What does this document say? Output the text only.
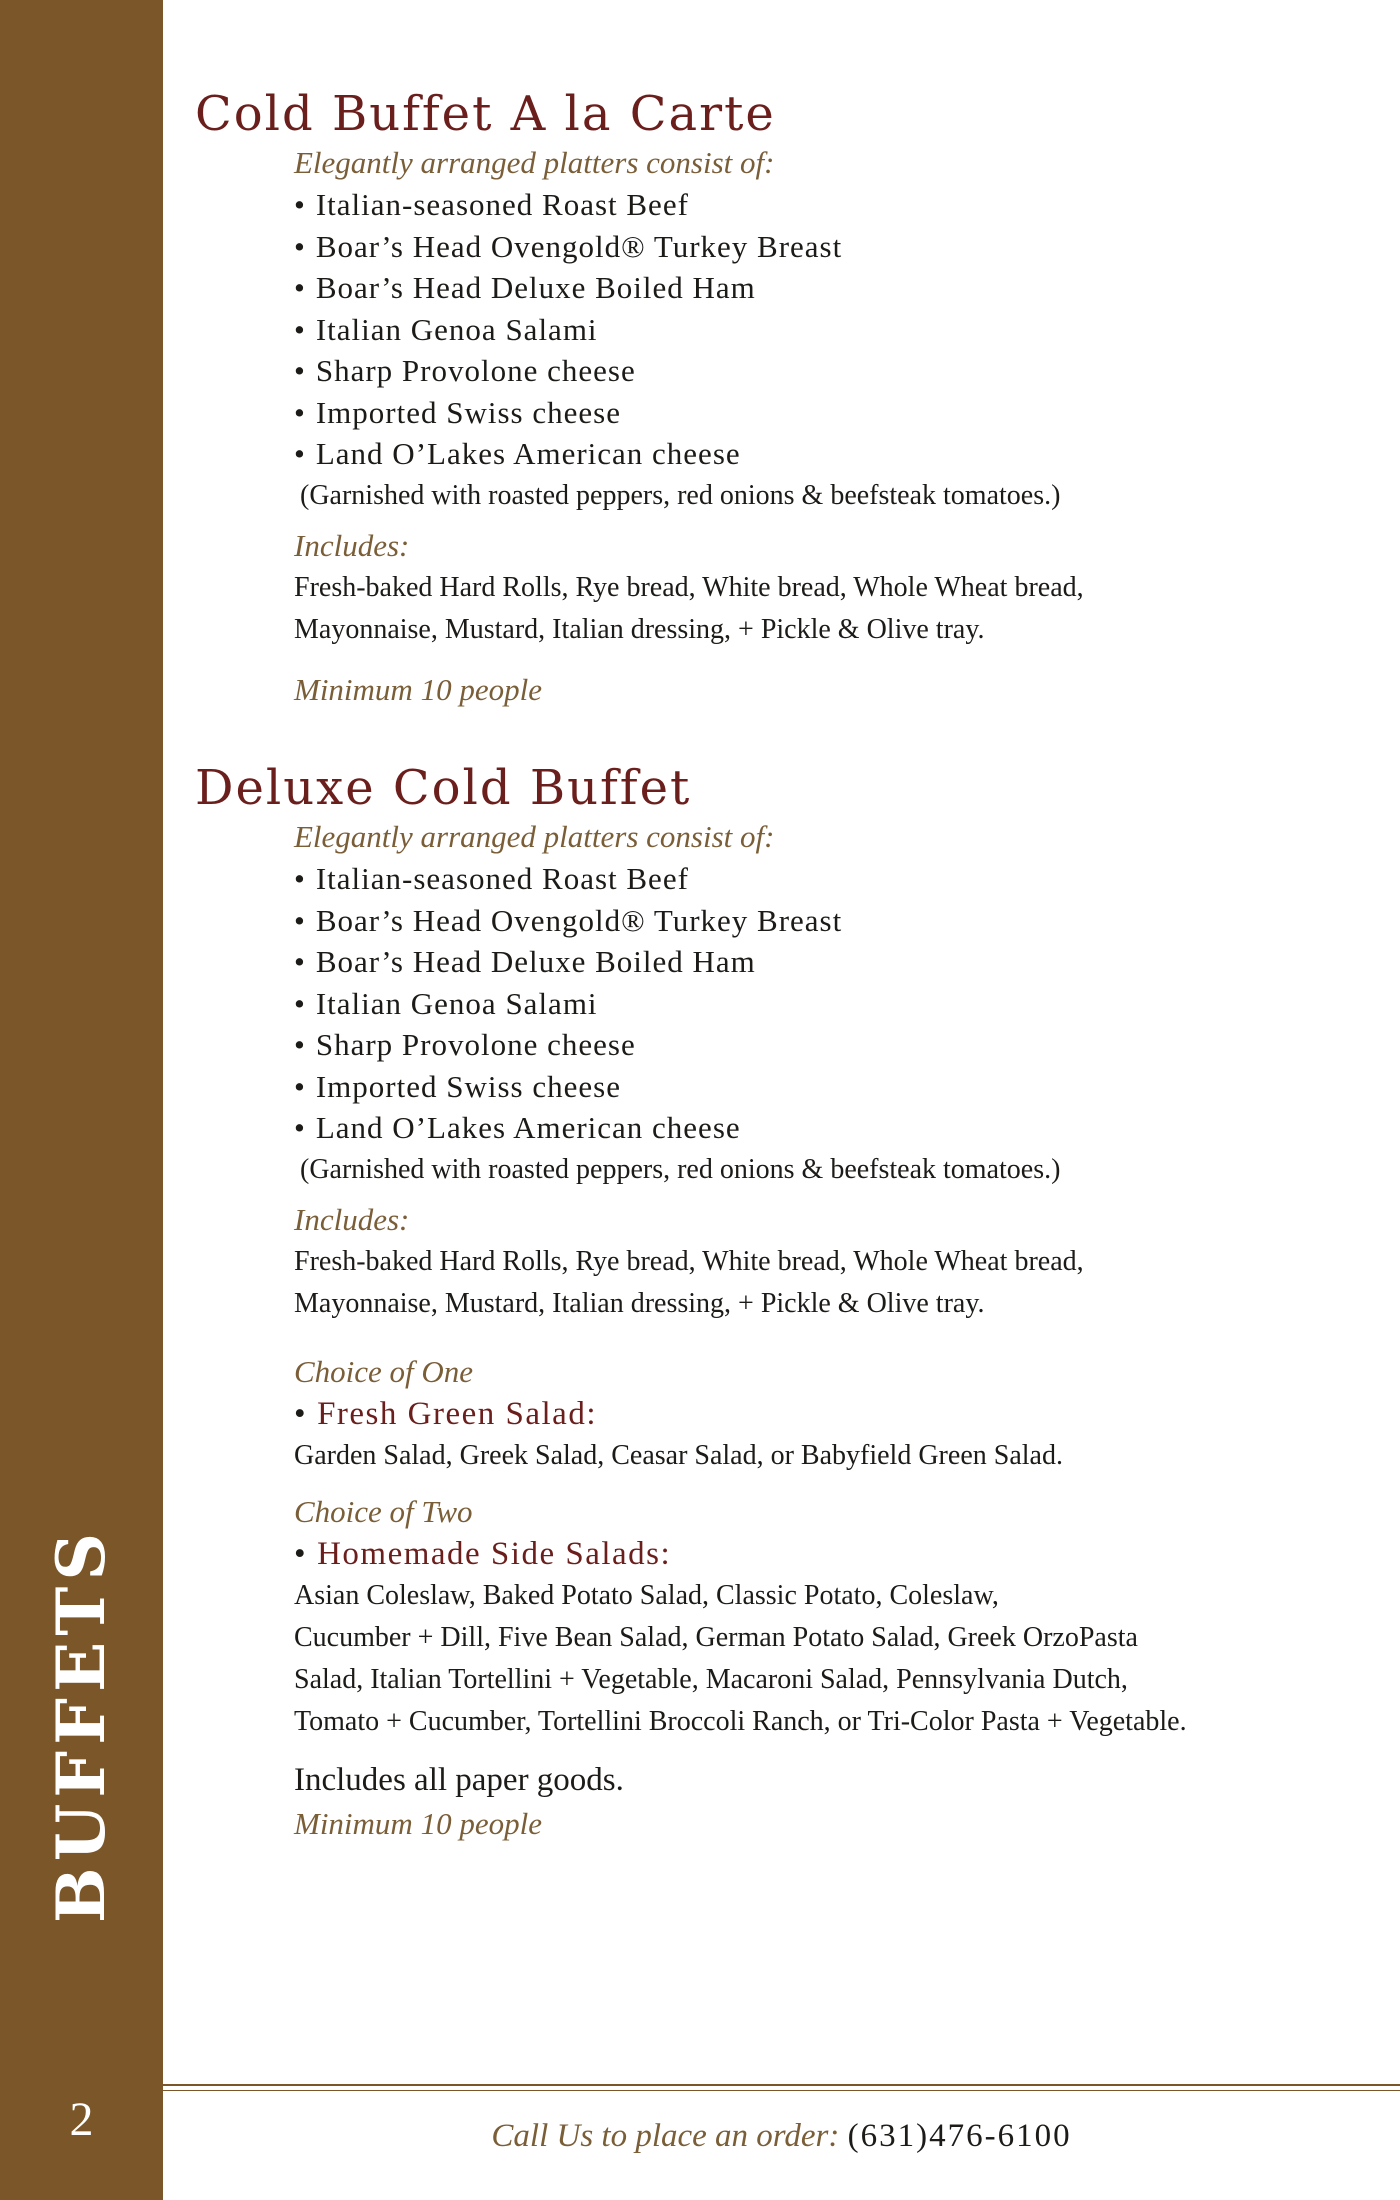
BUFFETS
2
Cold Buffet A la Carte
Elegantly arranged platters consist of:
• Italian-seasoned Roast Beef
• Boar’s Head Ovengold® Turkey Breast
• Boar’s Head Deluxe Boiled Ham
• Italian Genoa Salami
• Sharp Provolone cheese
• Imported Swiss cheese
• Land O’Lakes American cheese
(Garnished with roasted peppers, red onions & beefsteak tomatoes.)
Includes:
Fresh-baked Hard Rolls, Rye bread, White bread, Whole Wheat bread,
Mayonnaise, Mustard, Italian dressing, + Pickle & Olive tray.
Minimum 10 people
Deluxe Cold Buffet
Elegantly arranged platters consist of:
• Italian-seasoned Roast Beef
• Boar’s Head Ovengold® Turkey Breast
• Boar’s Head Deluxe Boiled Ham
• Italian Genoa Salami
• Sharp Provolone cheese
• Imported Swiss cheese
• Land O’Lakes American cheese
(Garnished with roasted peppers, red onions & beefsteak tomatoes.)
Includes:
Fresh-baked Hard Rolls, Rye bread, White bread, Whole Wheat bread,
Mayonnaise, Mustard, Italian dressing, + Pickle & Olive tray.
Choice of One
• Fresh Green Salad:
Garden Salad, Greek Salad, Ceasar Salad, or Babyfield Green Salad.
Choice of Two
• Homemade Side Salads:
Asian Coleslaw, Baked Potato Salad, Classic Potato, Coleslaw,
Cucumber + Dill, Five Bean Salad, German Potato Salad, Greek OrzoPasta
Salad, Italian Tortellini + Vegetable, Macaroni Salad, Pennsylvania Dutch,
Tomato + Cucumber, Tortellini Broccoli Ranch, or Tri-Color Pasta + Vegetable.
Includes all paper goods.
Minimum 10 people
Call Us to place an order: (631)476-6100
